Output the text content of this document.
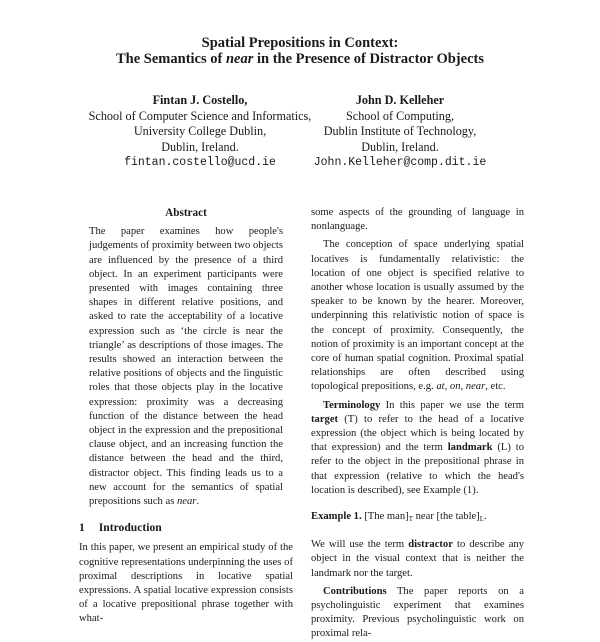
Spatial Prepositions in Context:
The Semantics of near in the Presence of Distractor Objects
Fintan J. Costello,
School of Computer Science and Informatics,
University College Dublin,
Dublin, Ireland.
fintan.costello@ucd.ie
John D. Kelleher
School of Computing,
Dublin Institute of Technology,
Dublin, Ireland.
John.Kelleher@comp.dit.ie
Abstract

The paper examines how people's judgements of proximity between two objects are influenced by the presence of a third object. In an experiment participants were presented with images containing three shapes in different relative positions, and asked to rate the acceptability of a locative expression such as ‘the circle is near the triangle’ as descriptions of those images. The results showed an interaction between the relative positions of objects and the linguistic roles that those objects play in the locative expression: proximity was a decreasing function of the distance between the head object in the expression and the prepositional clause object, and an increasing function the distance between the head and the third, distractor object. This finding leads us to a new account for the semantics of spatial prepositions such as near.

1 Introduction

In this paper, we present an empirical study of the cognitive representations underpinning the uses of proximal descriptions in locative spatial expressions. A spatial locative expression consists of a locative prepositional phrase together with what-

some aspects of the grounding of language in nonlanguage.

The conception of space underlying spatial locatives is fundamentally relativistic: the location of one object is specified relative to another whose location is usually assumed by the speaker to be known by the hearer. Moreover, underpinning this relativistic notion of space is the concept of proximity. Consequently, the notion of proximity is an important concept at the core of human spatial cognition. Proximal spatial relationships are often described using topological prepositions, e.g. at, on, near, etc.

Terminology In this paper we use the term target (T) to refer to the head of a locative expression (the object which is being located by that expression) and the term landmark (L) to refer to the object in the prepositional phrase in that expression (relative to which the head's location is described), see Example (1).

Example 1. [The $man]_T$ near [the $table]_L$.

We will use the term distractor to describe any object in the visual context that is neither the landmark nor the target.

Contributions The paper reports on a psycholinguistic experiment that examines proximity. Previous psycholinguistic work on proximal rela-
